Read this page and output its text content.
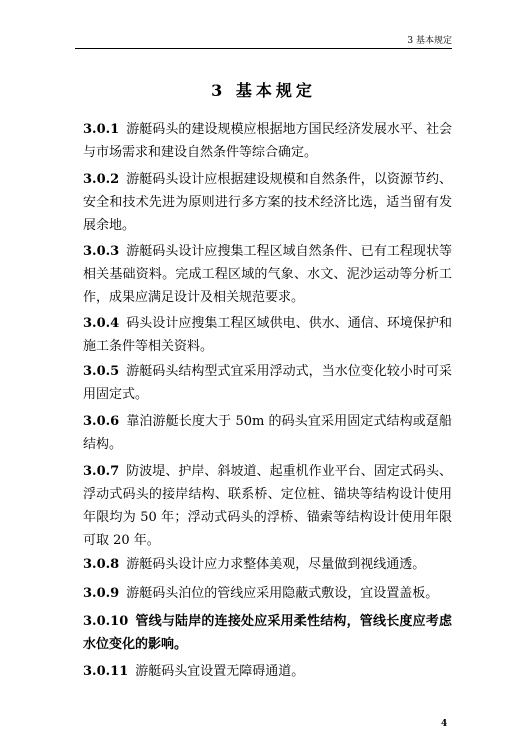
3 基本规定
3 基本规定

3.0.1 游艇码头的建设规模应根据地方国民经济发展水平、社会与市场需求和建设自然条件等综合确定。

3.0.2 游艇码头设计应根据建设规模和自然条件，以资源节约、安全和技术先进为原则进行多方案的技术经济比选，适当留有发展余地。

3.0.3 游艇码头设计应搜集工程区域自然条件、已有工程现状等相关基础资料。完成工程区域的气象、水文、泥沙运动等分析工作，成果应满足设计及相关规范要求。

3.0.4 码头设计应搜集工程区域供电、供水、通信、环境保护和施工条件等相关资料。

3.0.5 游艇码头结构型式宜采用浮动式，当水位变化较小时可采用固定式。

3.0.6 靠泊游艇长度大于 50m 的码头宜采用固定式结构或趸船结构。

3.0.7 防波堤、护岸、斜坡道、起重机作业平台、固定式码头、浮动式码头的接岸结构、联系桥、定位桩、锚块等结构设计使用年限均为 50 年；浮动式码头的浮桥、锚索等结构设计使用年限可取 20 年。

3.0.8 游艇码头设计应力求整体美观，尽量做到视线通透。

3.0.9 游艇码头泊位的管线应采用隐蔽式敷设，宜设置盖板。

3.0.10 管线与陆岸的连接处应采用柔性结构，管线长度应考虑水位变化的影响。

3.0.11 游艇码头宜设置无障碍通道。

4
